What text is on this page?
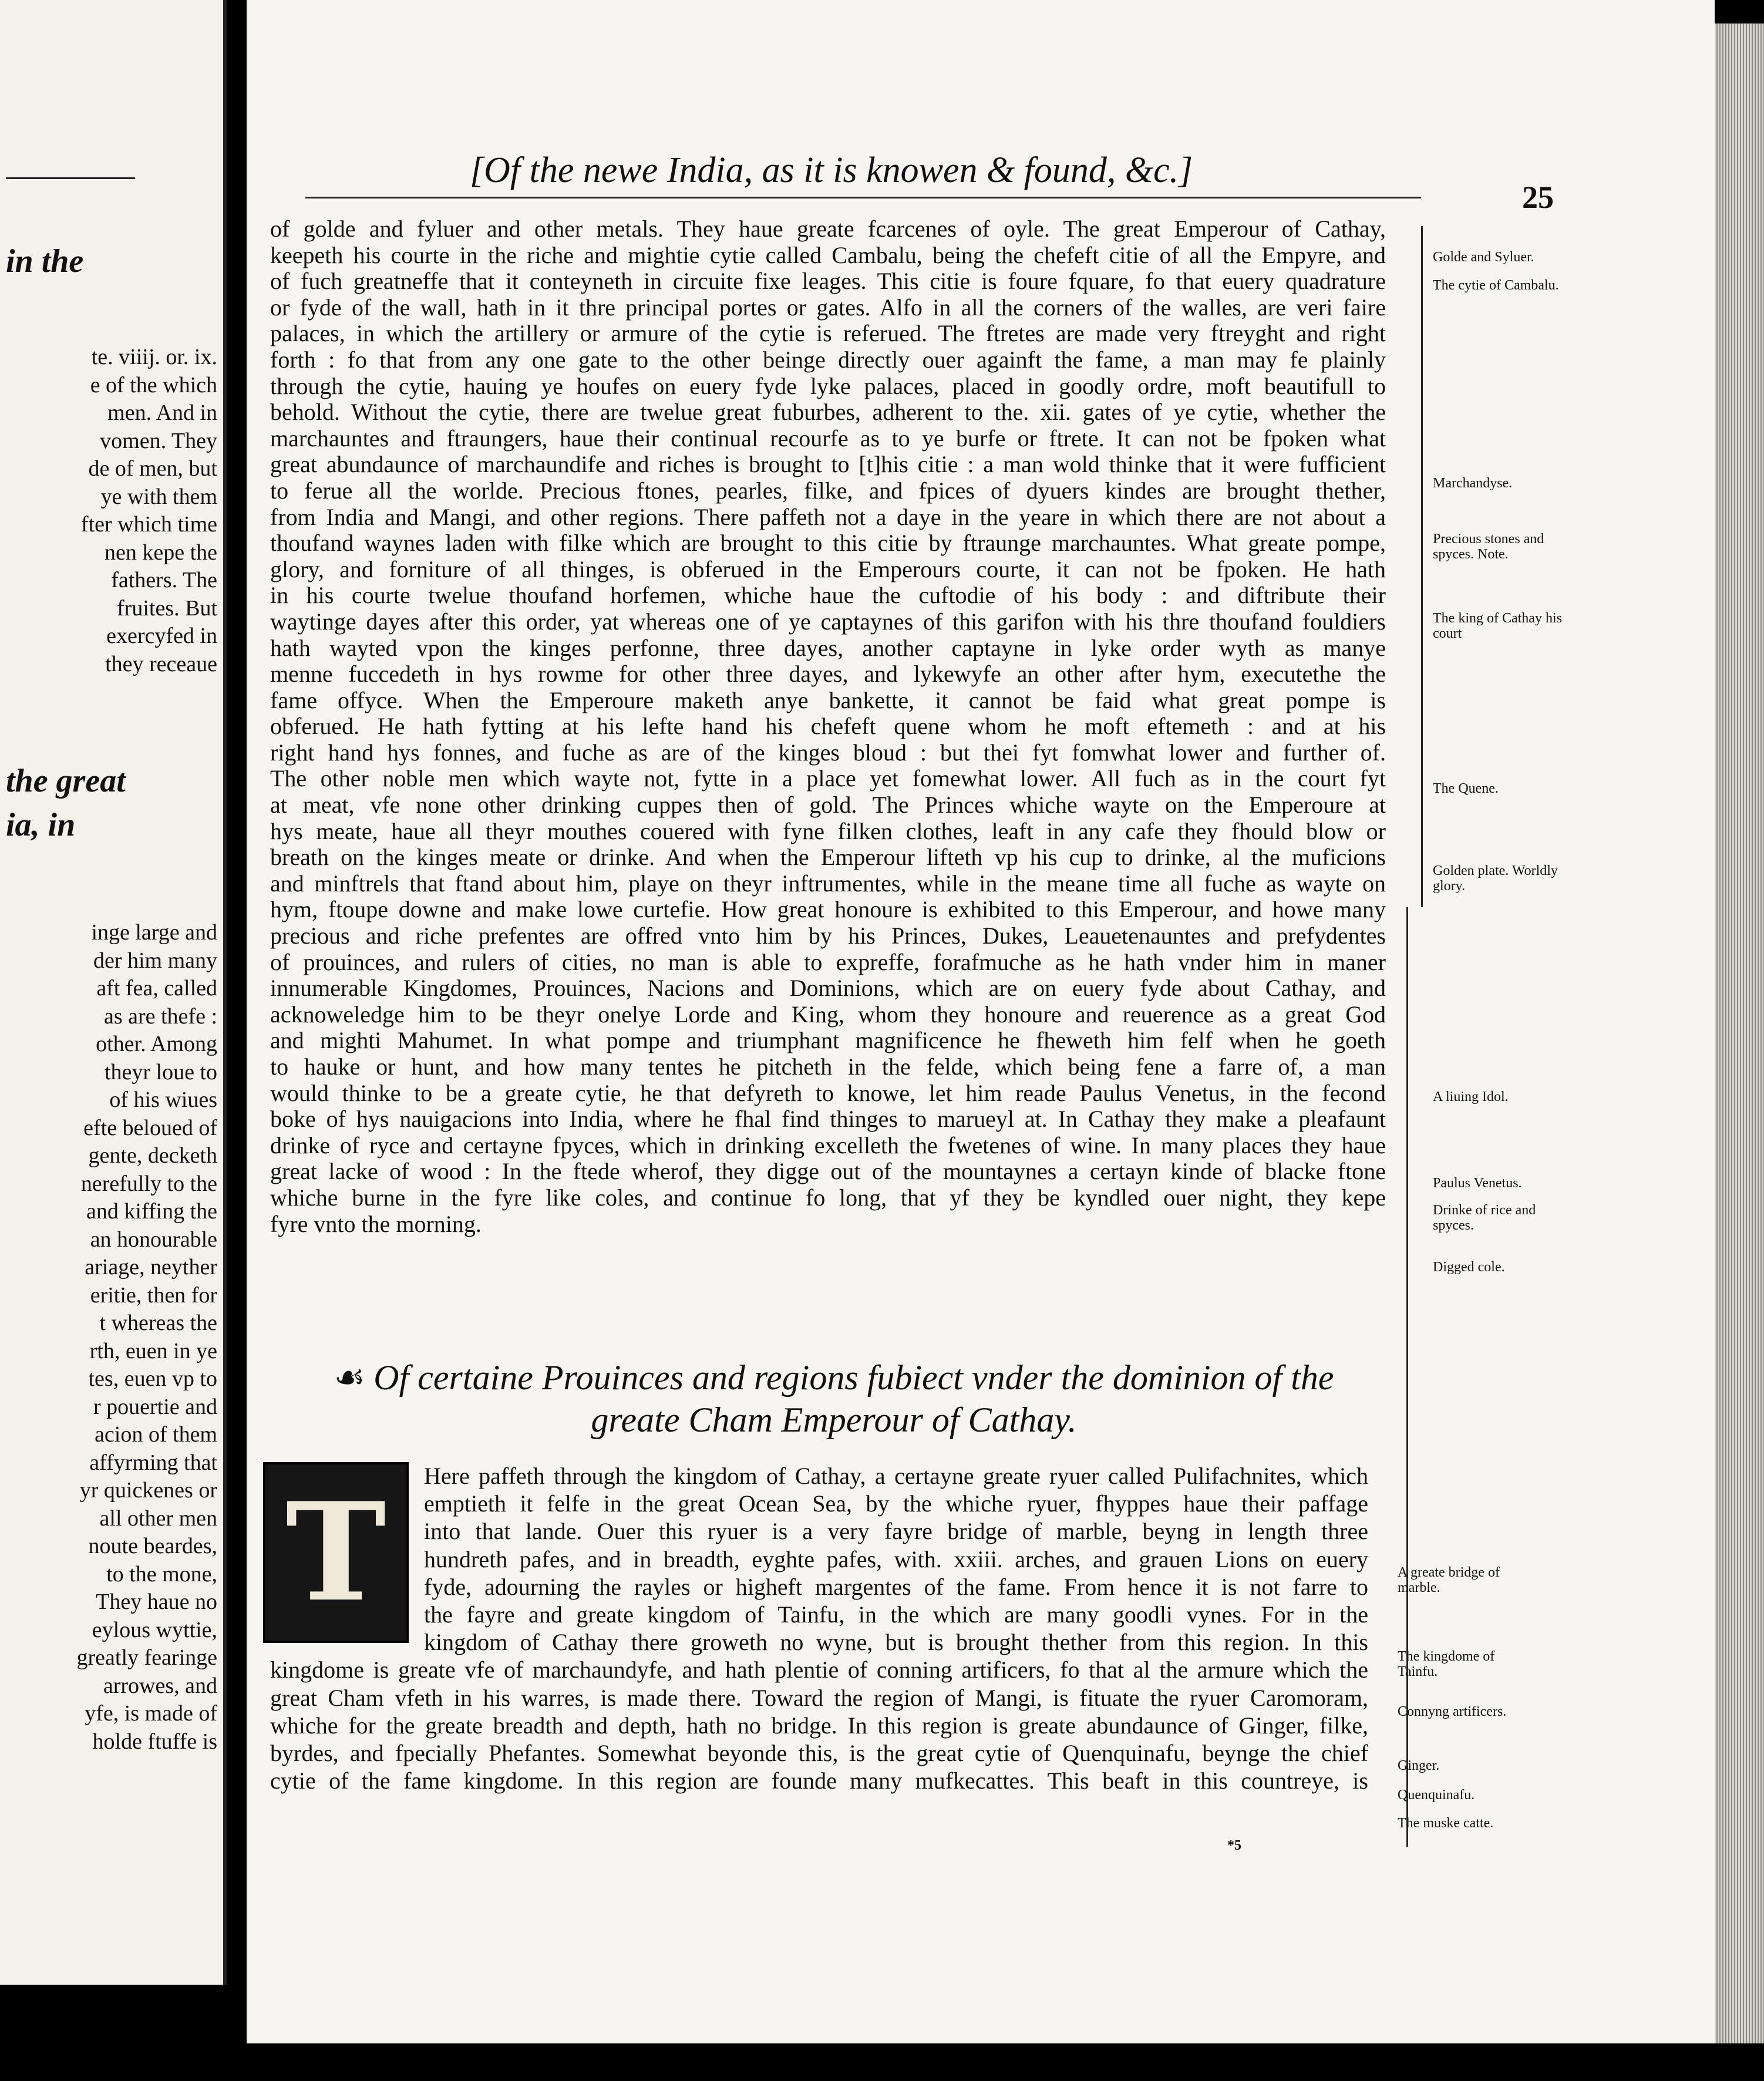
in the
te. viiij. or. ix.
e of the which
men. And in
vomen. They
de of men, but
ye with them
fter which time
nen kepe the
fathers. The
fruites. But
exercyfed in
they receaue
the great
ia, in
inge large and
der him many
aft fea, called
as are thefe :
other. Among
theyr loue to
of his wiues
efte beloued of
gente, decketh
nerefully to the
and kiffing the
an honourable
ariage, neyther
eritie, then for
t whereas the
rth, euen in ye
tes, euen vp to
r pouertie and
acion of them
affyrming that
yr quickenes or
all other men
noute beardes,
to the mone,
They haue no
eylous wyttie,
greatly fearinge
arrowes, and
yfe, is made of
holde ftuffe is
[Of the newe India, as it is knowen & found, &c.]
25
of golde and fyluer and other metals. They haue greate fcarcenes of oyle. The great Emperour of Cathay,
keepeth his courte in the riche and mightie cytie called Cambalu, being the chefeft citie of all the Empyre, and
of fuch greatneffe that it conteyneth in circuite fixe leages. This citie is foure fquare, fo that euery quadrature
or fyde of the wall, hath in it thre principal portes or gates. Alfo in all the corners of the walles, are veri faire
palaces, in which the artillery or armure of the cytie is referued. The ftretes are made very ftreyght and right
forth : fo that from any one gate to the other beinge directly ouer againft the fame, a man may fe plainly
through the cytie, hauing ye houfes on euery fyde lyke palaces, placed in goodly ordre, moft beautifull to
behold. Without the cytie, there are twelue great fuburbes, adherent to the. xii. gates of ye cytie, whether the
marchauntes and ftraungers, haue their continual recourfe as to ye burfe or ftrete. It can not be fpoken what
great abundaunce of marchaundife and riches is brought to [t]his citie : a man wold thinke that it were fufficient
to ferue all the worlde. Precious ftones, pearles, filke, and fpices of dyuers kindes are brought thether,
from India and Mangi, and other regions. There paffeth not a daye in the yeare in which there are not about a
thoufand waynes laden with filke which are brought to this citie by ftraunge marchauntes. What greate pompe,
glory, and forniture of all thinges, is obferued in the Emperours courte, it can not be fpoken. He hath
in his courte twelue thoufand horfemen, whiche haue the cuftodie of his body : and diftribute their
waytinge dayes after this order, yat whereas one of ye captaynes of this garifon with his thre thoufand fouldiers
hath wayted vpon the kinges perfonne, three dayes, another captayne in lyke order wyth as manye
menne fuccedeth in hys rowme for other three dayes, and lykewyfe an other after hym, executethe the
fame offyce. When the Emperoure maketh anye bankette, it cannot be faid what great pompe is
obferued. He hath fytting at his lefte hand his chefeft quene whom he moft eftemeth : and at his
right hand hys fonnes, and fuche as are of the kinges bloud : but thei fyt fomwhat lower and further of.
The other noble men which wayte not, fytte in a place yet fomewhat lower. All fuch as in the court fyt
at meat, vfe none other drinking cuppes then of gold. The Princes whiche wayte on the Emperoure at
hys meate, haue all theyr mouthes couered with fyne filken clothes, leaft in any cafe they fhould blow or
breath on the kinges meate or drinke. And when the Emperour lifteth vp his cup to drinke, al the muficions
and minftrels that ftand about him, playe on theyr inftrumentes, while in the meane time all fuche as wayte on
hym, ftoupe downe and make lowe curtefie. How great honoure is exhibited to this Emperour, and howe many
precious and riche prefentes are offred vnto him by his Princes, Dukes, Leauetenauntes and prefydentes
of prouinces, and rulers of cities, no man is able to expreffe, forafmuche as he hath vnder him in maner
innumerable Kingdomes, Prouinces, Nacions and Dominions, which are on euery fyde about Cathay, and
acknoweledge him to be theyr onelye Lorde and King, whom they honoure and reuerence as a great God
and mighti Mahumet. In what pompe and triumphant magnificence he fheweth him felf when he goeth
to hauke or hunt, and how many tentes he pitcheth in the felde, which being fene a farre of, a man
would thinke to be a greate cytie, he that defyreth to knowe, let him reade Paulus Venetus, in the fecond
boke of hys nauigacions into India, where he fhal find thinges to marueyl at. In Cathay they make a pleafaunt
drinke of ryce and certayne fpyces, which in drinking excelleth the fwetenes of wine. In many places they haue
great lacke of wood : In the ftede wherof, they digge out of the mountaynes a certayn kinde of blacke ftone
whiche burne in the fyre like coles, and continue fo long, that yf they be kyndled ouer night, they kepe
fyre vnto the morning.
☙ Of certaine Prouinces and regions fubiect vnder the dominion of the
greate Cham Emperour of Cathay.
Here paffeth through the kingdom of Cathay, a certayne greate ryuer called Pulifachnites, which
emptieth it felfe in the great Ocean Sea, by the whiche ryuer, fhyppes haue their paffage
into that lande. Ouer this ryuer is a very fayre bridge of marble, beyng in length three
hundreth pafes, and in breadth, eyghte pafes, with. xxiii. arches, and grauen Lions on euery
fyde, adourning the rayles or higheft margentes of the fame. From hence it is not farre to
the fayre and greate kingdom of Tainfu, in the which are many goodli vynes. For in the
kingdom of Cathay there groweth no wyne, but is brought thether from this region. In this
kingdome is greate vfe of marchaundyfe, and hath plentie of conning artificers, fo that al the armure which the
great Cham vfeth in his warres, is made there. Toward the region of Mangi, is fituate the ryuer Caromoram,
whiche for the greate breadth and depth, hath no bridge. In this region is greate abundaunce of Ginger, filke,
byrdes, and fpecially Phefantes. Somewhat beyonde this, is the great cytie of Quenquinafu, beynge the chief
cytie of the fame kingdome. In this region are founde many mufkecattes. This beaft in this countreye, is
T
*5
Golde and Syluer.
The cytie of Cambalu.
Marchandyse.
Precious stones and spyces. Note.
The king of Cathay his court
The Quene.
Golden plate. Worldly glory.
A liuing Idol.
Paulus Venetus.
Drinke of rice and spyces.
Digged cole.
A greate bridge of marble.
The kingdome of Tainfu.
Connyng artificers.
Ginger.
Quenquinafu.
The muske catte.
